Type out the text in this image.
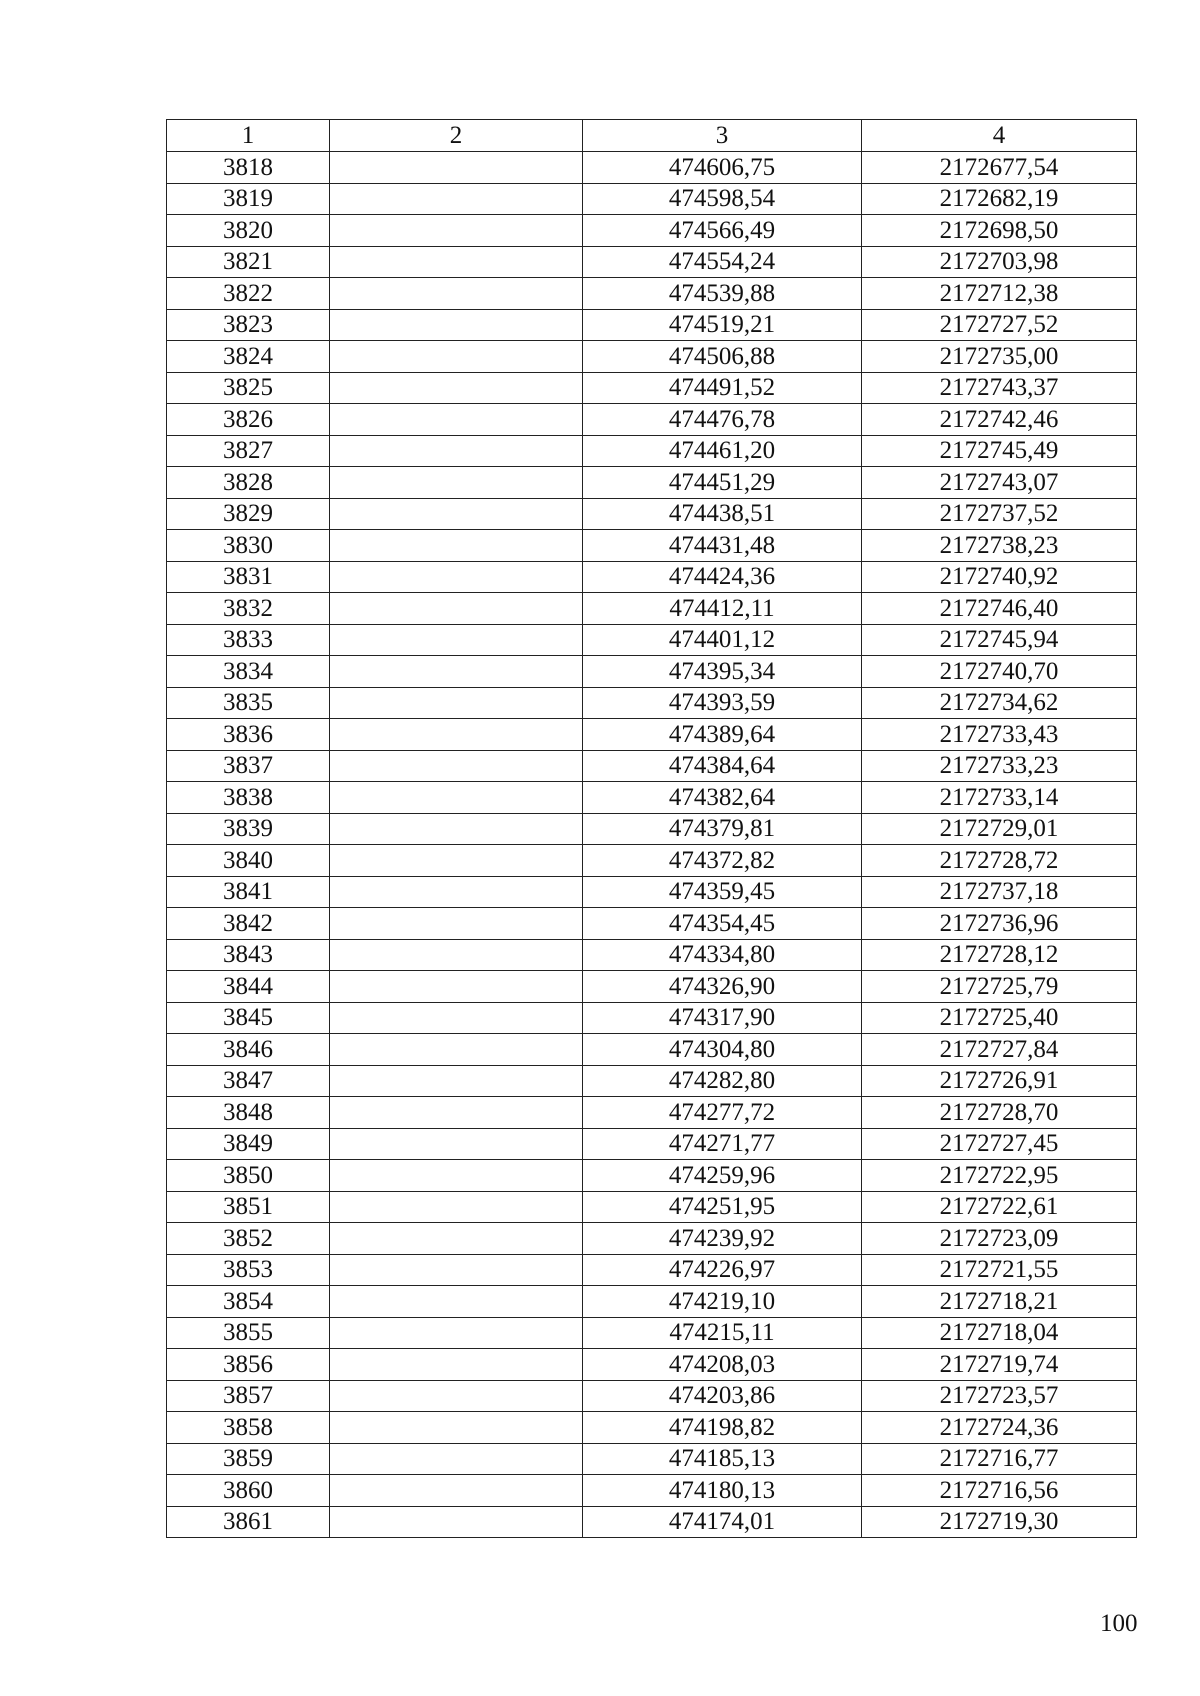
1	2	3	4
3818		474606,75	2172677,54
3819		474598,54	2172682,19
3820		474566,49	2172698,50
3821		474554,24	2172703,98
3822		474539,88	2172712,38
3823		474519,21	2172727,52
3824		474506,88	2172735,00
3825		474491,52	2172743,37
3826		474476,78	2172742,46
3827		474461,20	2172745,49
3828		474451,29	2172743,07
3829		474438,51	2172737,52
3830		474431,48	2172738,23
3831		474424,36	2172740,92
3832		474412,11	2172746,40
3833		474401,12	2172745,94
3834		474395,34	2172740,70
3835		474393,59	2172734,62
3836		474389,64	2172733,43
3837		474384,64	2172733,23
3838		474382,64	2172733,14
3839		474379,81	2172729,01
3840		474372,82	2172728,72
3841		474359,45	2172737,18
3842		474354,45	2172736,96
3843		474334,80	2172728,12
3844		474326,90	2172725,79
3845		474317,90	2172725,40
3846		474304,80	2172727,84
3847		474282,80	2172726,91
3848		474277,72	2172728,70
3849		474271,77	2172727,45
3850		474259,96	2172722,95
3851		474251,95	2172722,61
3852		474239,92	2172723,09
3853		474226,97	2172721,55
3854		474219,10	2172718,21
3855		474215,11	2172718,04
3856		474208,03	2172719,74
3857		474203,86	2172723,57
3858		474198,82	2172724,36
3859		474185,13	2172716,77
3860		474180,13	2172716,56
3861		474174,01	2172719,30
100
